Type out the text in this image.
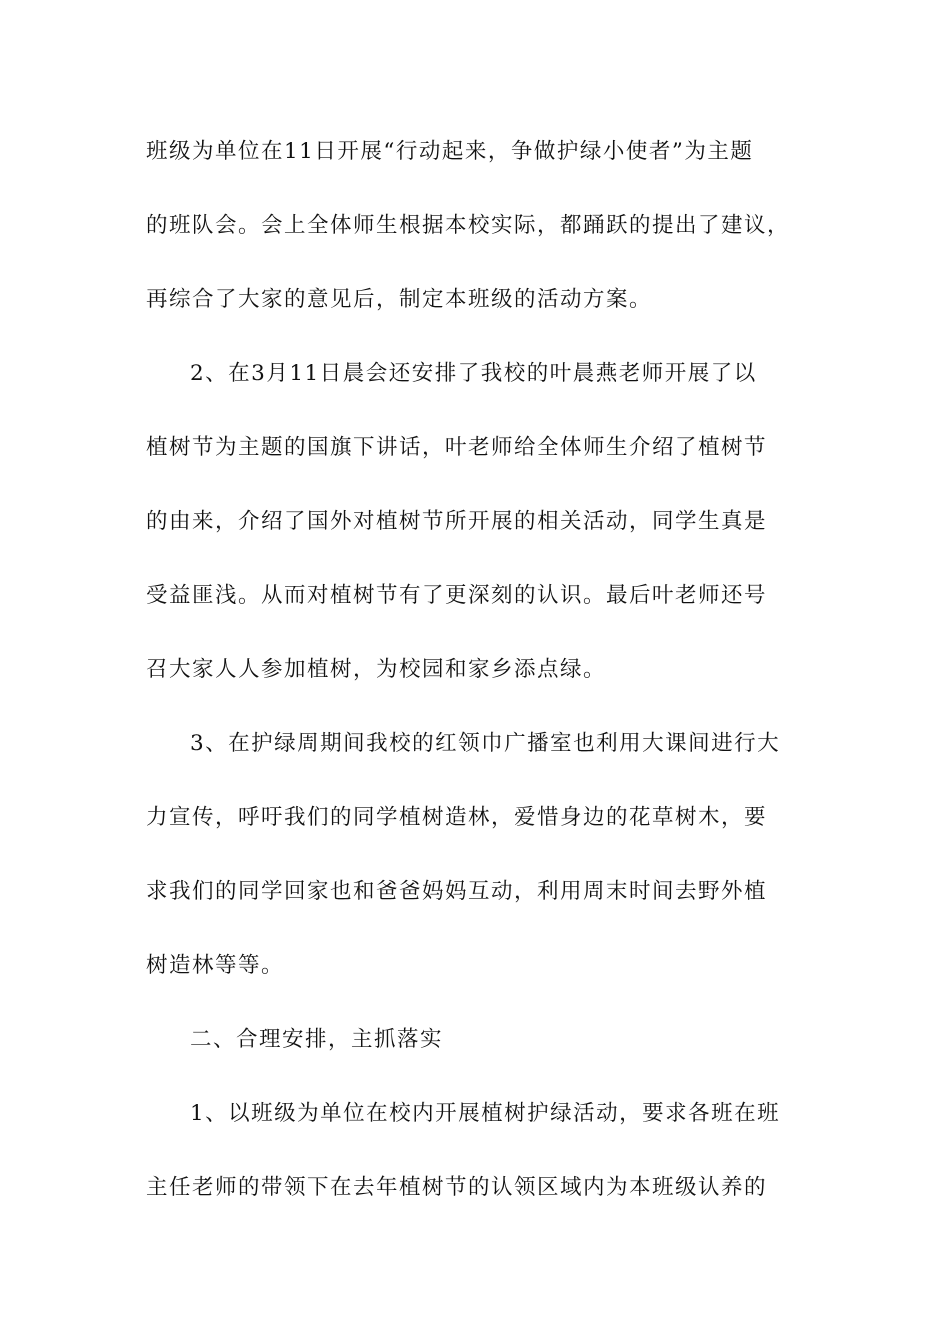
班级为单位在11日开展“行动起来，争做护绿小使者”为主题
的班队会。会上全体师生根据本校实际，都踊跃的提出了建议，
再综合了大家的意见后，制定本班级的活动方案。
2、在3月11日晨会还安排了我校的叶晨燕老师开展了以
植树节为主题的国旗下讲话，叶老师给全体师生介绍了植树节
的由来，介绍了国外对植树节所开展的相关活动，同学生真是
受益匪浅。从而对植树节有了更深刻的认识。最后叶老师还号
召大家人人参加植树，为校园和家乡添点绿。
3、在护绿周期间我校的红领巾广播室也利用大课间进行大
力宣传，呼吁我们的同学植树造林，爱惜身边的花草树木，要
求我们的同学回家也和爸爸妈妈互动，利用周末时间去野外植
树造林等等。
二、合理安排，主抓落实
1、以班级为单位在校内开展植树护绿活动，要求各班在班
主任老师的带领下在去年植树节的认领区域内为本班级认养的
